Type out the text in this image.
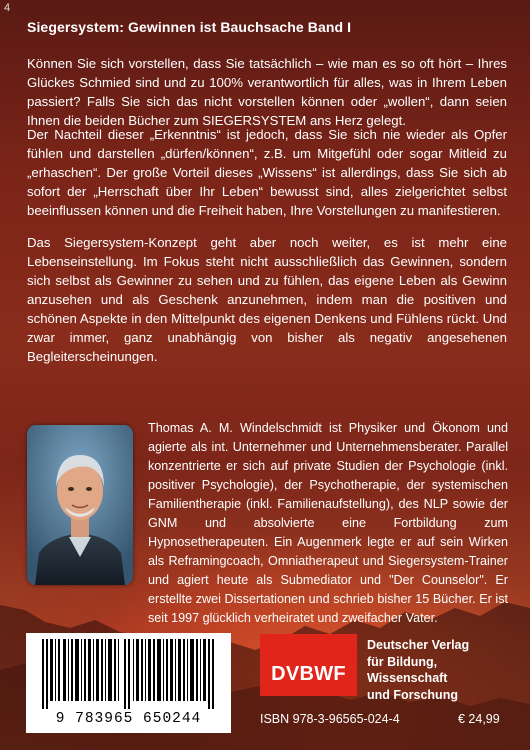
4
Siegersystem: Gewinnen ist Bauchsache Band I

Können Sie sich vorstellen, dass Sie tatsächlich – wie man es so oft hört – Ihres Glückes Schmied sind und zu 100% verantwortlich für alles, was in Ihrem Leben passiert? Falls Sie sich das nicht vorstellen können oder „wollen“, dann seien Ihnen die beiden Bücher zum SIEGERSYSTEM ans Herz gelegt.

Der Nachteil dieser „Erkenntnis“ ist jedoch, dass Sie sich nie wieder als Opfer fühlen und darstellen „dürfen/können“, z.B. um Mitgefühl oder sogar Mitleid zu „erhaschen“. Der große Vorteil dieses „Wissens“ ist allerdings, dass Sie sich ab sofort der „Herrschaft über Ihr Leben“ bewusst sind, alles zielgerichtet selbst beeinflussen können und die Freiheit haben, Ihre Vorstellungen zu manifestieren.

Das Siegersystem-Konzept geht aber noch weiter, es ist mehr eine Lebenseinstellung. Im Fokus steht nicht ausschließlich das Gewinnen, sondern sich selbst als Gewinner zu sehen und zu fühlen, das eigene Leben als Gewinn anzusehen und als Geschenk anzunehmen, indem man die positiven und schönen Aspekte in den Mittelpunkt des eigenen Denkens und Fühlens rückt. Und zwar immer, ganz unabhängig von bisher als negativ angesehenen Begleiterscheinungen.

Thomas A. M. Windelschmidt ist Physiker und Ökonom und agierte als int. Unternehmer und Unternehmensberater. Parallel konzentrierte er sich auf private Studien der Psychologie (inkl. positiver Psychologie), der Psychotherapie, der systemischen Familientherapie (inkl. Familienaufstellung), des NLP sowie der GNM und absolvierte eine Fortbildung zum Hypnosetherapeuten. Ein Augenmerk legte er auf sein Wirken als Reframingcoach, Omniatherapeut und Siegersystem-Trainer und agiert heute als Submediator und "Der Counselor". Er erstellte zwei Dissertationen und schrieb bisher 15 Bücher. Er ist seit 1997 glücklich verheiratet und zweifacher Vater.

9 783965 650244
DVBWF
Deutscher Verlag
für Bildung,
Wissenschaft
und Forschung
ISBN 978-3-96565-024-4	€ 24,99
